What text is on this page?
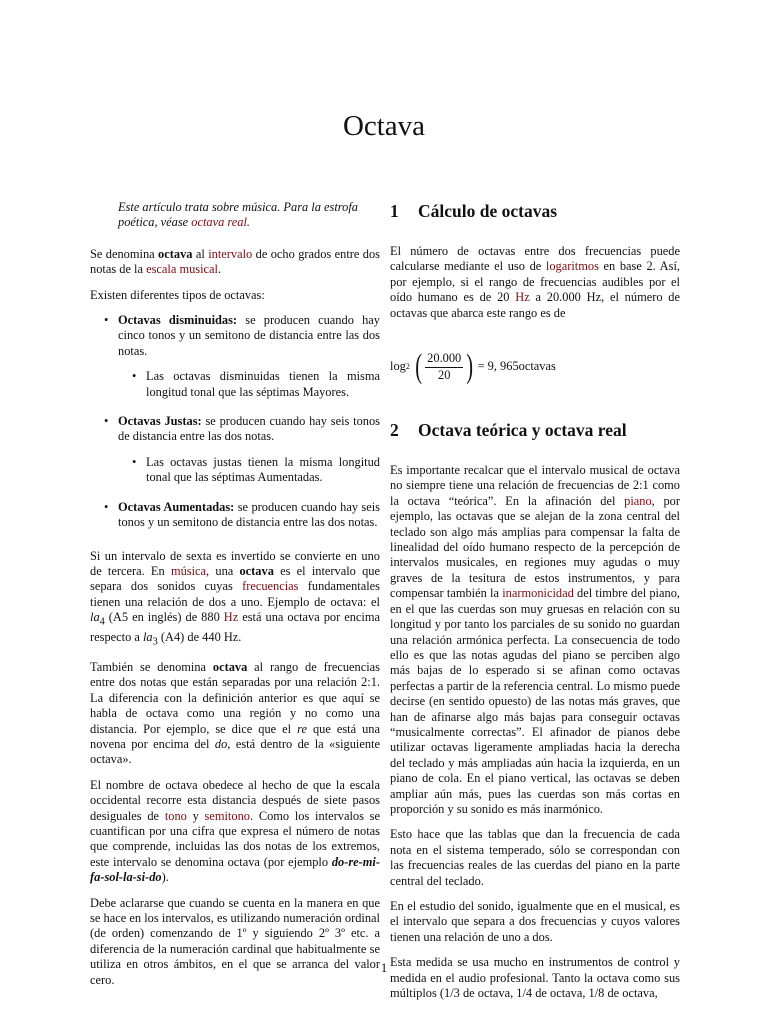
Octava
Este artículo trata sobre música. Para la estrofa poética, véase octava real.

Se denomina octava al intervalo de ocho grados entre dos notas de la escala musical.

Existen diferentes tipos de octavas:

• Octavas disminuidas: se producen cuando hay cinco tonos y un semitono de distancia entre las dos notas.
• Las octavas disminuidas tienen la misma longitud tonal que las séptimas Mayores.
• Octavas Justas: se producen cuando hay seis tonos de distancia entre las dos notas.
• Las octavas justas tienen la misma longitud tonal que las séptimas Aumentadas.
• Octavas Aumentadas: se producen cuando hay seis tonos y un semitono de distancia entre las dos notas.

Si un intervalo de sexta es invertido se convierte en uno de tercera. En música, una octava es el intervalo que separa dos sonidos cuyas frecuencias fundamentales tienen una relación de dos a uno. Ejemplo de octava: el $la_4$ (A5 en inglés) de 880 Hz está una octava por encima respecto a $la_3$ (A4) de 440 Hz.

También se denomina octava al rango de frecuencias entre dos notas que están separadas por una relación 2:1. La diferencia con la definición anterior es que aquí se habla de octava como una región y no como una distancia. Por ejemplo, se dice que el re que está una novena por encima del do, está dentro de la «siguiente octava».

El nombre de octava obedece al hecho de que la escala occidental recorre esta distancia después de siete pasos desiguales de tono y semitono. Como los intervalos se cuantifican por una cifra que expresa el número de notas que comprende, incluidas las dos notas de los extremos, este intervalo se denomina octava (por ejemplo do-re-mi-fa-sol-la-si-do).

Debe aclararse que cuando se cuenta en la manera en que se hace en los intervalos, es utilizando numeración ordinal (de orden) comenzando de 1º y siguiendo 2º 3º etc. a diferencia de la numeración cardinal que habitualmente se utiliza en otros ámbitos, en el que se arranca del valor cero.

1 Cálculo de octavas

El número de octavas entre dos frecuencias puede calcularse mediante el uso de logaritmos en base 2. Así, por ejemplo, si el rango de frecuencias audibles por el oído humano es de 20 Hz a 20.000 Hz, el número de octavas que abarca este rango es de

log 2 ( $\frac{20.000}{20}$ ) = 9, 965 octavas
2 Octava teórica y octava real

Es importante recalcar que el intervalo musical de octava no siempre tiene una relación de frecuencias de 2:1 como la octava “teórica”. En la afinación del piano, por ejemplo, las octavas que se alejan de la zona central del teclado son algo más amplias para compensar la falta de linealidad del oído humano respecto de la percepción de intervalos musicales, en regiones muy agudas o muy graves de la tesitura de estos instrumentos, y para compensar también la inarmonicidad del timbre del piano, en el que las cuerdas son muy gruesas en relación con su longitud y por tanto los parciales de su sonido no guardan una relación armónica perfecta. La consecuencia de todo ello es que las notas agudas del piano se perciben algo más bajas de lo esperado si se afinan como octavas perfectas a partir de la referencia central. Lo mismo puede decirse (en sentido opuesto) de las notas más graves, que han de afinarse algo más bajas para conseguir octavas “musicalmente correctas”. El afinador de pianos debe utilizar octavas ligeramente ampliadas hacia la derecha del teclado y más ampliadas aún hacia la izquierda, en un piano de cola. En el piano vertical, las octavas se deben ampliar aún más, pues las cuerdas son más cortas en proporción y su sonido es más inarmónico.

Esto hace que las tablas que dan la frecuencia de cada nota en el sistema temperado, sólo se correspondan con las frecuencias reales de las cuerdas del piano en la parte central del teclado.

En el estudio del sonido, igualmente que en el musical, es el intervalo que separa a dos frecuencias y cuyos valores tienen una relación de uno a dos.

Esta medida se usa mucho en instrumentos de control y medida en el audio profesional. Tanto la octava como sus múltiplos (1/3 de octava, 1/4 de octava, 1/8 de octava,

1
